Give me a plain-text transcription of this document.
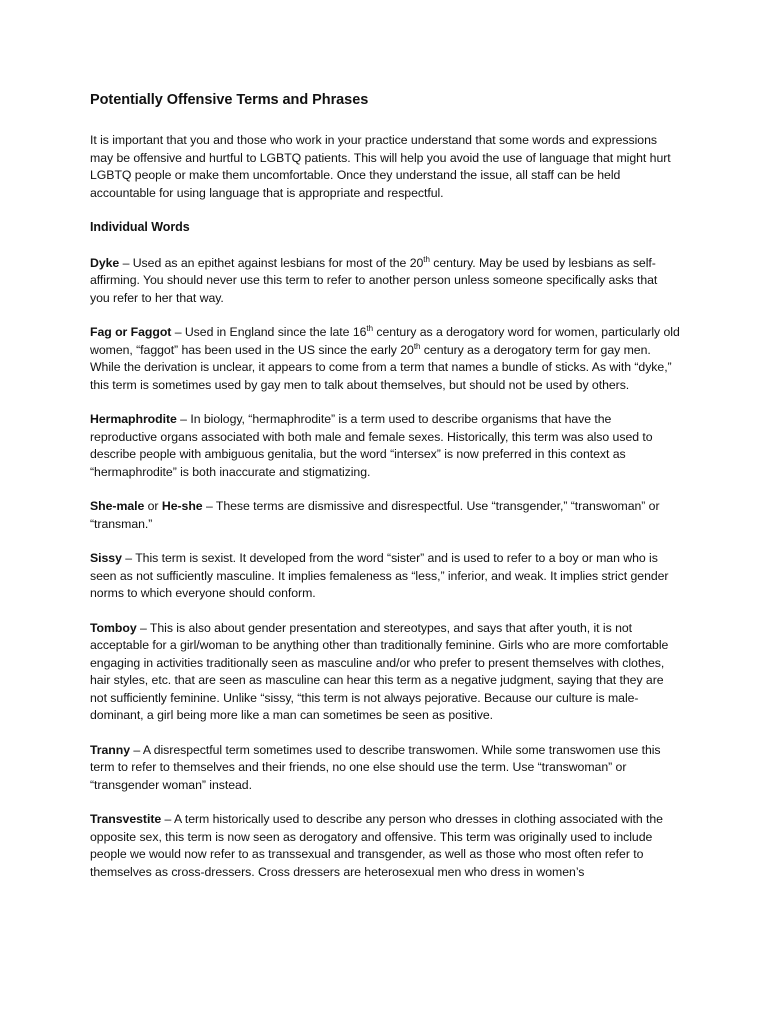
Potentially Offensive Terms and Phrases

It is important that you and those who work in your practice understand that some words and expressions may be offensive and hurtful to LGBTQ patients. This will help you avoid the use of language that might hurt LGBTQ people or make them uncomfortable. Once they understand the issue, all staff can be held accountable for using language that is appropriate and respectful.

Individual Words

Dyke – Used as an epithet against lesbians for most of the 20th century. May be used by lesbians as self-affirming. You should never use this term to refer to another person unless someone specifically asks that you refer to her that way.

Fag or Faggot – Used in England since the late 16th century as a derogatory word for women, particularly old women, “faggot” has been used in the US since the early 20th century as a derogatory term for gay men. While the derivation is unclear, it appears to come from a term that names a bundle of sticks. As with “dyke,” this term is sometimes used by gay men to talk about themselves, but should not be used by others.

Hermaphrodite – In biology, “hermaphrodite” is a term used to describe organisms that have the reproductive organs associated with both male and female sexes. Historically, this term was also used to describe people with ambiguous genitalia, but the word “intersex” is now preferred in this context as “hermaphrodite” is both inaccurate and stigmatizing.

She-male or He-she – These terms are dismissive and disrespectful. Use “transgender,” “transwoman” or “transman.”

Sissy – This term is sexist. It developed from the word “sister” and is used to refer to a boy or man who is seen as not sufficiently masculine. It implies femaleness as “less,” inferior, and weak. It implies strict gender norms to which everyone should conform.

Tomboy – This is also about gender presentation and stereotypes, and says that after youth, it is not acceptable for a girl/woman to be anything other than traditionally feminine. Girls who are more comfortable engaging in activities traditionally seen as masculine and/or who prefer to present themselves with clothes, hair styles, etc. that are seen as masculine can hear this term as a negative judgment, saying that they are not sufficiently feminine. Unlike “sissy, “this term is not always pejorative. Because our culture is male-dominant, a girl being more like a man can sometimes be seen as positive.

Tranny – A disrespectful term sometimes used to describe transwomen. While some transwomen use this term to refer to themselves and their friends, no one else should use the term. Use “transwoman” or “transgender woman” instead.

Transvestite – A term historically used to describe any person who dresses in clothing associated with the opposite sex, this term is now seen as derogatory and offensive. This term was originally used to include people we would now refer to as transsexual and transgender, as well as those who most often refer to themselves as cross-dressers. Cross dressers are heterosexual men who dress in women’s
